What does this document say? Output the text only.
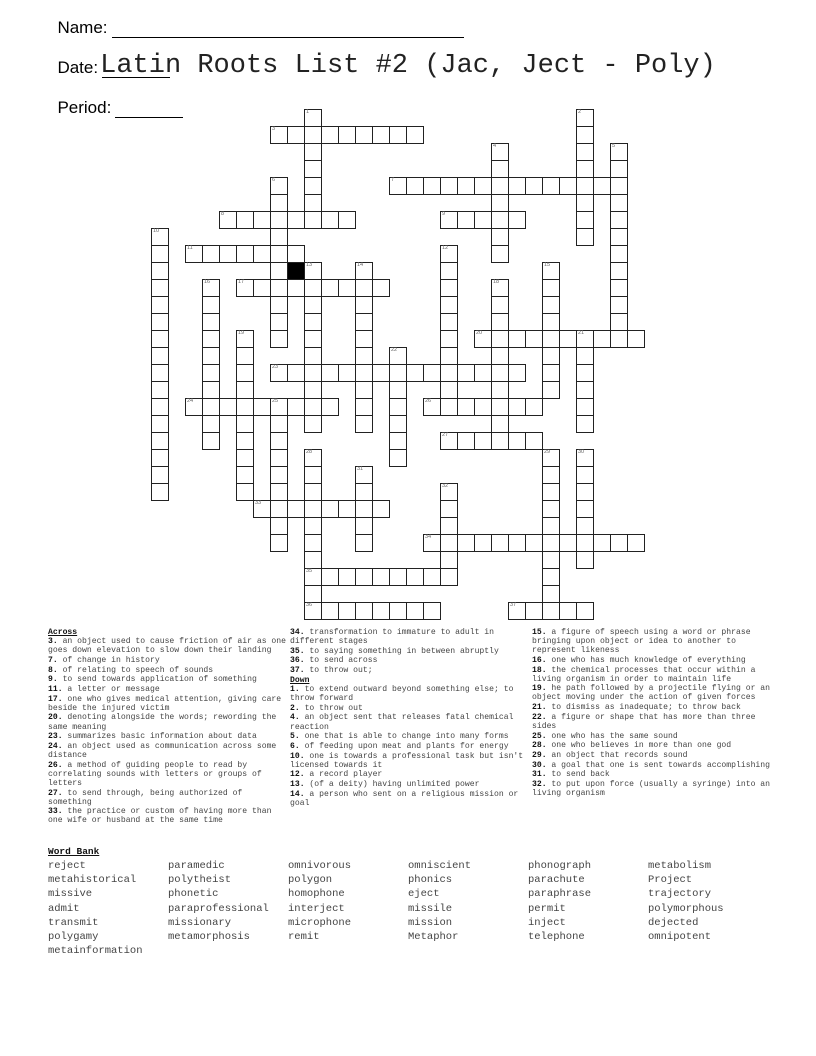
Name:

Date:

Period:

Latin Roots List #2 (Jac, Ject - Poly)
1	2
3
4	5
6	7
8	9
10
11	12
13	14	15
16	17	18
19	20	21
22
23
24	25	26
27
28
35
36
29	30
31
32
33
34
37
Across
3. an object used to cause friction of air as one goes down elevation to slow down their landing
7. of change in history
8. of relating to speech of sounds
9. to send towards application of something
11. a letter or message
17. one who gives medical attention, giving care beside the injured victim
20. denoting alongside the words; rewording the same meaning
23. summarizes basic information about data
24. an object used as communication across some distance
26. a method of guiding people to read by correlating sounds with letters or groups of letters
27. to send through, being authorized of something
33. the practice or custom of having more than one wife or husband at the same time
34. transformation to immature to adult in different stages
35. to saying something in between abruptly
36. to send across
37. to throw out;
Down
1. to extend outward beyond something else; to throw forward
2. to throw out
4. an object sent that releases fatal chemical reaction
5. one that is able to change into many forms
6. of feeding upon meat and plants for energy
10. one is towards a professional task but isn't licensed towards it
12. a record player
13. (of a deity) having unlimited power
14. a person who sent on a religious mission or goal
15. a figure of speech using a word or phrase bringing upon object or idea to another to represent likeness
16. one who has much knowledge of everything
18. the chemical processes that occur within a living organism in order to maintain life
19. he path followed by a projectile flying or an object moving under the action of given forces
21. to dismiss as inadequate; to throw back
22. a figure or shape that has more than three sides
25. one who has the same sound
28. one who believes in more than one god
29. an object that records sound
30. a goal that one is sent towards accomplishing
31. to send back
32. to put upon force (usually a syringe) into an living organism
Word Bank
reject	paramedic	omnivorous	omniscient	phonograph	metabolism
metahistorical	polytheist	polygon	phonics	parachute	Project
missive	phonetic	homophone	eject	paraphrase	trajectory
admit	paraprofessional	interject	missile	permit	polymorphous
transmit	missionary	microphone	mission	inject	dejected
polygamy	metamorphosis	remit	Metaphor	telephone	omnipotent
metainformation
